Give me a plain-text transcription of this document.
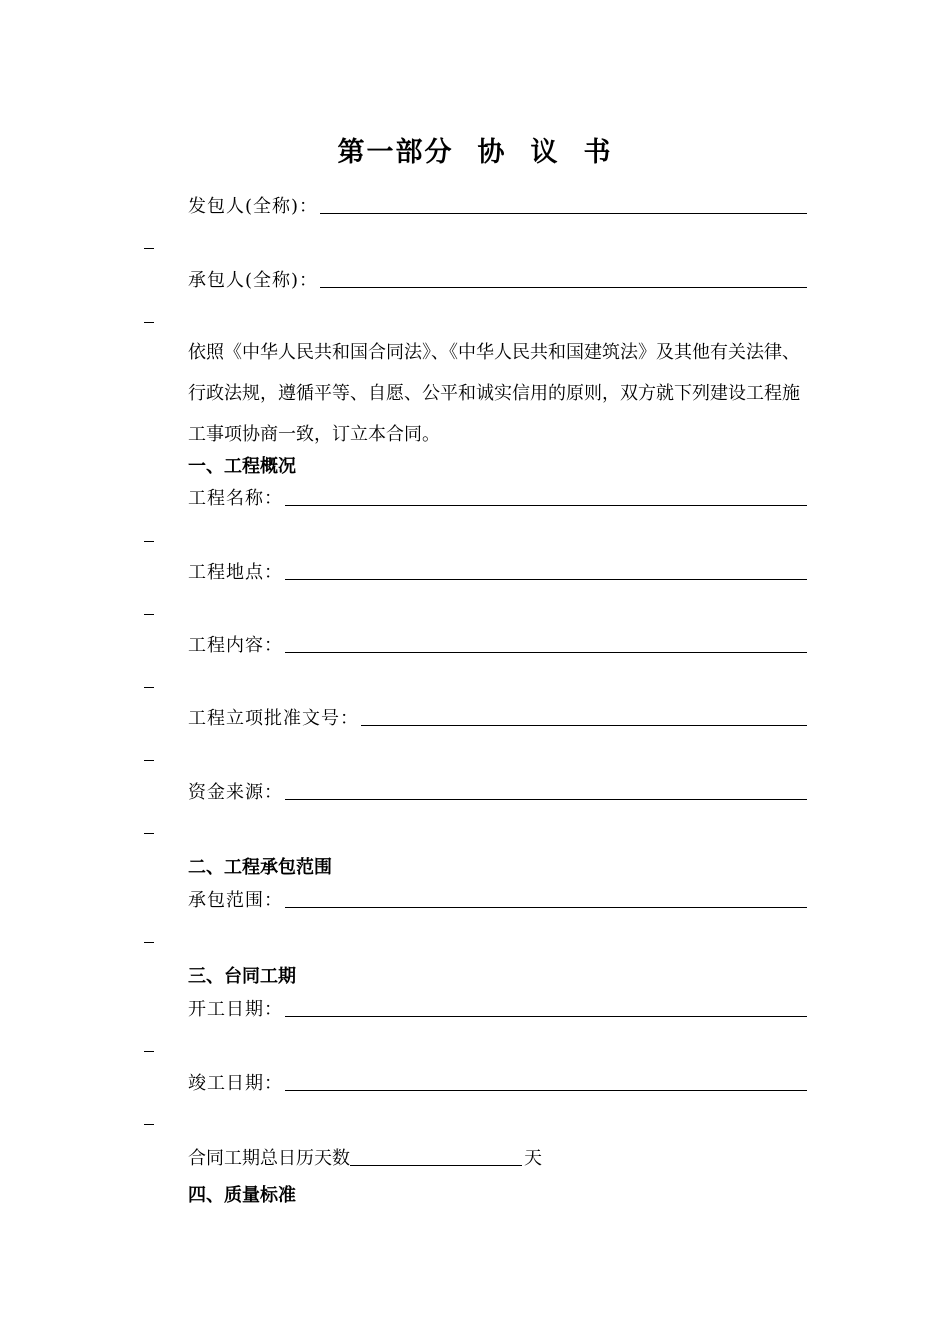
第一部分 协 议 书
发包人(全称)：
承包人(全称)：
依照《中华人民共和国合同法》、《中华人民共和国建筑法》及其他有关法律、行政法规，遵循平等、自愿、公平和诚实信用的原则，双方就下列建设工程施工事项协商一致，订立本合同。
一、工程概况
工程名称：
工程地点：
工程内容：
工程立项批准文号：
资金来源：
二、工程承包范围
承包范围：
三、台同工期
开工日期：
竣工日期：
合同工期总日历天数	天
四、质量标准
